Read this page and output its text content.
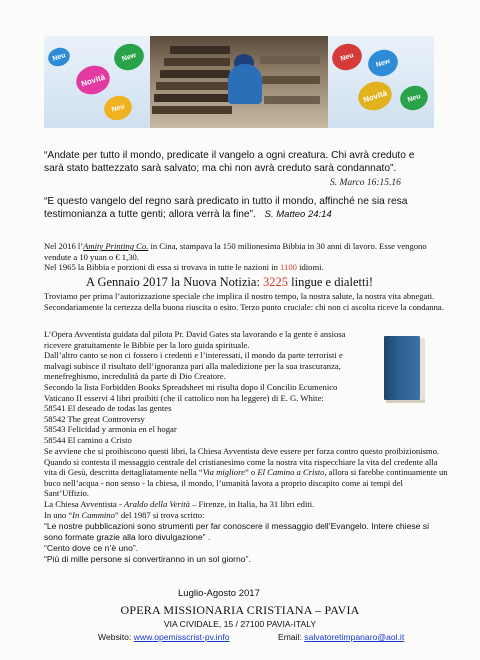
Neu
Novità
New
Neu
Neu
New
Novità	Neu
“Andate per tutto il mondo, predicate il vangelo a ogni creatura. Chi avrà creduto e sarà stato battezzato sarà salvato; ma chi non avrà creduto sarà condannato”.
S. Marco 16:15.16
“E questo vangelo del regno sarà predicato in tutto il mondo, affinché ne sia resa testimonianza a tutte genti; allora verrà la fine”. S. Matteo 24:14
Nel 2016 l’Amity Printing Co. in Cina, stampava la 150 milionesima Bibbia in 30 anni di lavoro. Esse vengono vendute a 10 yuan o € 1,30.
Nel 1965 la Bibbia e porzioni di essa si trovava in tutte le nazioni in 1100 idiomi.
A Gennaio 2017 la Nuova Notizia: 3225 lingue e dialetti!
Troviamo per prima l’autorizzazione speciale che implica il nostro tempo, la nostra salute, la nostra vita abnegati. Secondariamente la certezza della buona riuscita o esito. Terzo punto cruciale: chi non ci ascolta riceve la condanna.
L’Opera Avventista guidata dal pilota Pr. David Gates sta lavorando e la gente è ansiosa
ricevere gratuitamente le Bibbie per la loro guida spirituale.
Dall’altro canto se non ci fossero i credenti e l’interessati, il mondo da parte terroristi e
malvagi subisce il risultato dell’ignoranza pari alla maledizione per la sua trascuranza,
menefreghismo, incredulità da parte di Dio Creatore.
Secondo la lista Forbidden Books Spreadsheet mi risulta dopo il Concilio Ecumenico
Vaticano II esservi 4 libri proibiti (che il cattolico non ha leggere) di E. G. White:
58541 El deseado de todas las gentes
58542 The great Controversy
58543 Felicidad y armonia en el hogar
58544 El camino a Cristo
Se avviene che si proibiscono questi libri, la Chiesa Avventista deve essere per forza contro questo proibizionismo. Quando si contesta il messaggio centrale del cristianesimo come la nostra vita rispecchiare la vita del credente alla vita di Gesù, descritta dettagliatamente nella “Via migliore” o El Camino a Cristo, allora si farebbe continuamente un buco nell’acqua - non senso - la chiesa, il mondo, l’umanità lavora a proprio discapito come ai tempi del Sant’Uffizio.
La Chiesa Avventista - Araldo della Verità – Firenze, in Italia, ha 31 libri editi.
In uno “In Cammino” del 1987 si trova scritto:
“Le nostre pubblicazioni sono strumenti per far conoscere il messaggio dell’Evangelo. Intere chiese si sono formate grazie alla loro divulgazione” .
“Cento dove ce n’è uno”.
“Più di mille persone si convertiranno in un sol giorno”.
Luglio-Agosto 2017
OPERA MISSIONARIA CRISTIANA – PAVIA
VIA CIVIDALE, 15 / 27100 PAVIA-ITALY
Websito: www.opemisscrist-pv.info	Email: salvatoretimpanaro@aol.it
